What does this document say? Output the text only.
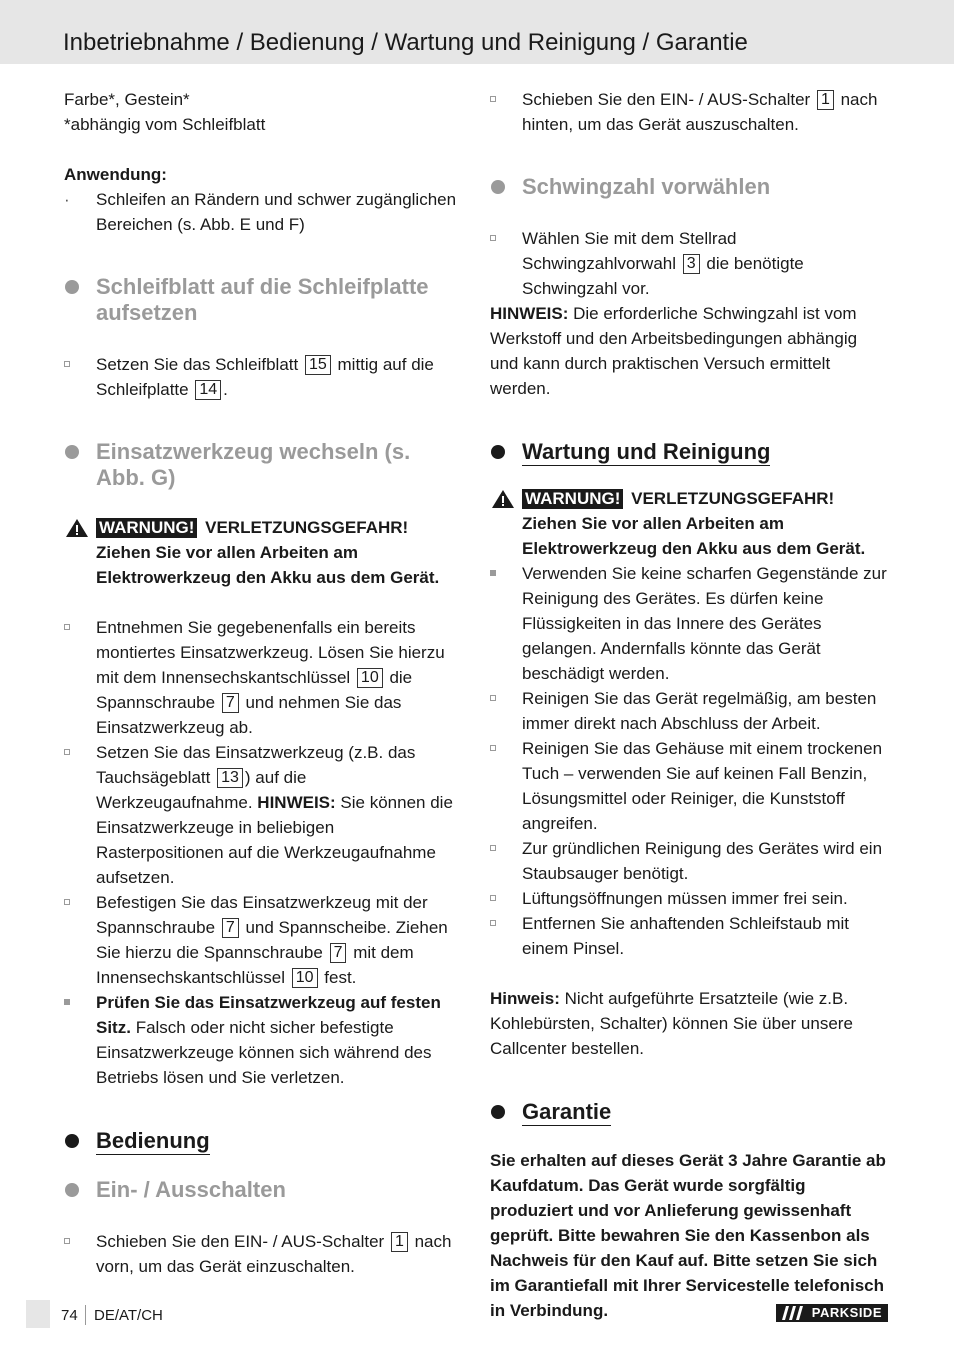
Inbetriebnahme / Bedienung / Wartung und Reinigung / Garantie

Farbe*, Gestein*

*abhängig vom Schleifblatt

Anwendung:

· Schleifen an Rändern und schwer zugänglichen Bereichen (s. Abb. E und F)
Schleifblatt auf die Schleifplatte aufsetzen
Setzen Sie das Schleifblatt 15 mittig auf die Schleifplatte 14 .
Einsatzwerkzeug wechseln (s. Abb. G)
WARNUNG! VERLETZUNGSGEFAHR! Ziehen Sie vor allen Arbeiten am Elektrowerkzeug den Akku aus dem Gerät.
Entnehmen Sie gegebenenfalls ein bereits montiertes Einsatzwerkzeug. Lösen Sie hierzu mit dem Innensechskantschlüssel 10 die Spannschraube 7 und nehmen Sie das Einsatzwerkzeug ab.
Setzen Sie das Einsatzwerkzeug (z.B. das Tauchsägeblatt 13 ) auf die Werkzeugaufnahme. HINWEIS: Sie können die Einsatzwerkzeuge in beliebigen Rasterpositionen auf die Werkzeugaufnahme aufsetzen.
Befestigen Sie das Einsatzwerkzeug mit der Spannschraube 7 und Spannscheibe. Ziehen Sie hierzu die Spannschraube 7 mit dem Innensechskantschlüssel 10 fest.
Prüfen Sie das Einsatzwerkzeug auf festen Sitz. Falsch oder nicht sicher befestigte Einsatzwerkzeuge können sich während des Betriebs lösen und Sie verletzen.
Bedienung
Ein- / Ausschalten
Schieben Sie den EIN- / AUS-Schalter 1 nach vorn, um das Gerät einzuschalten.
Schieben Sie den EIN- / AUS-Schalter 1 nach hinten, um das Gerät auszuschalten.
Schwingzahl vorwählen
Wählen Sie mit dem Stellrad Schwingzahlvorwahl 3 die benötigte Schwingzahl vor.

HINWEIS: Die erforderliche Schwingzahl ist vom Werkstoff und den Arbeitsbedingungen abhängig und kann durch praktischen Versuch ermittelt werden.

Wartung und Reinigung
WARNUNG! VERLETZUNGSGEFAHR! Ziehen Sie vor allen Arbeiten am Elektrowerkzeug den Akku aus dem Gerät.
Verwenden Sie keine scharfen Gegenstände zur Reinigung des Gerätes. Es dürfen keine Flüssigkeiten in das Innere des Gerätes gelangen. Andernfalls könnte das Gerät beschädigt werden.
Reinigen Sie das Gerät regelmäßig, am besten immer direkt nach Abschluss der Arbeit.
Reinigen Sie das Gehäuse mit einem trockenen Tuch – verwenden Sie auf keinen Fall Benzin, Lösungsmittel oder Reiniger, die Kunststoff angreifen.
Zur gründlichen Reinigung des Gerätes wird ein Staubsauger benötigt.
Lüftungsöffnungen müssen immer frei sein.
Entfernen Sie anhaftenden Schleifstaub mit einem Pinsel.

Hinweis: Nicht aufgeführte Ersatzteile (wie z.B. Kohlebürsten, Schalter) können Sie über unsere Callcenter bestellen.

Garantie

Sie erhalten auf dieses Gerät 3 Jahre Garantie ab Kaufdatum. Das Gerät wurde sorgfältig produziert und vor Anlieferung gewissenhaft geprüft. Bitte bewahren Sie den Kassenbon als Nachweis für den Kauf auf. Bitte setzen Sie sich im Garantiefall mit Ihrer Servicestelle telefonisch in Verbindung.

74 DE/AT/CH	PARKSIDE
